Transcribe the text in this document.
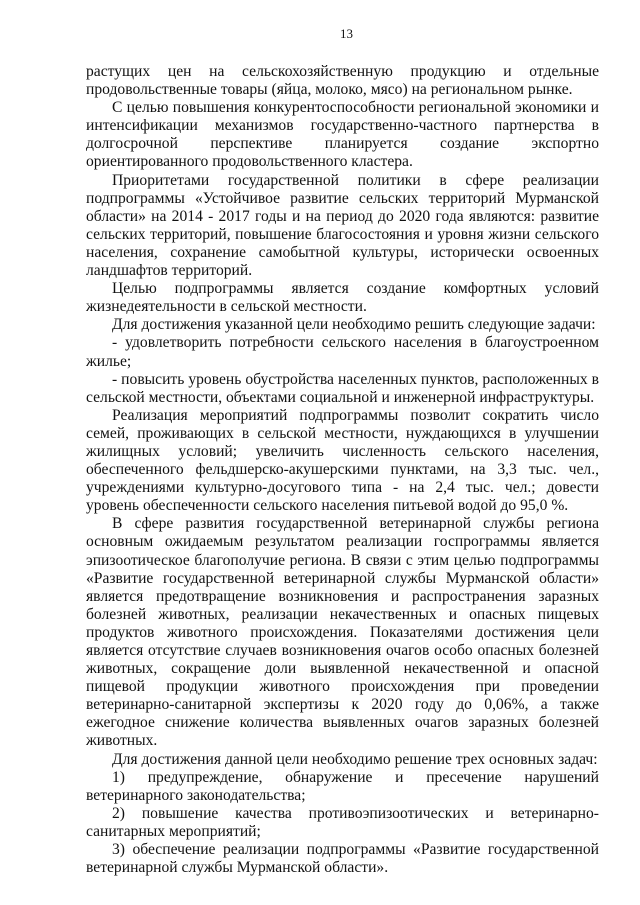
13

растущих цен на сельскохозяйственную продукцию и отдельные продовольственные товары (яйца, молоко, мясо) на региональном рынке.

С целью повышения конкурентоспособности региональной экономики и интенсификации механизмов государственно-частного партнерства в долгосрочной перспективе планируется создание экспортно ориентированного продовольственного кластера.

Приоритетами государственной политики в сфере реализации подпрограммы «Устойчивое развитие сельских территорий Мурманской области» на 2014 - 2017 годы и на период до 2020 года являются: развитие сельских территорий, повышение благосостояния и уровня жизни сельского населения, сохранение самобытной культуры, исторически освоенных ландшафтов территорий.

Целью подпрограммы является создание комфортных условий жизнедеятельности в сельской местности.

Для достижения указанной цели необходимо решить следующие задачи:

- удовлетворить потребности сельского населения в благоустроенном жилье;

- повысить уровень обустройства населенных пунктов, расположенных в сельской местности, объектами социальной и инженерной инфраструктуры.

Реализация мероприятий подпрограммы позволит сократить число семей, проживающих в сельской местности, нуждающихся в улучшении жилищных условий; увеличить численность сельского населения, обеспеченного фельдшерско-акушерскими пунктами, на 3,3 тыс. чел., учреждениями культурно-досугового типа - на 2,4 тыс. чел.; довести уровень обеспеченности сельского населения питьевой водой до 95,0 %.

В сфере развития государственной ветеринарной службы региона основным ожидаемым результатом реализации госпрограммы является эпизоотическое благополучие региона. В связи с этим целью подпрограммы «Развитие государственной ветеринарной службы Мурманской области» является предотвращение возникновения и распространения заразных болезней животных, реализации некачественных и опасных пищевых продуктов животного происхождения. Показателями достижения цели является отсутствие случаев возникновения очагов особо опасных болезней животных, сокращение доли выявленной некачественной и опасной пищевой продукции животного происхождения при проведении ветеринарно-санитарной экспертизы к 2020 году до 0,06%, а также ежегодное снижение количества выявленных очагов заразных болезней животных.

Для достижения данной цели необходимо решение трех основных задач:

1) предупреждение, обнаружение и пресечение нарушений ветеринарного законодательства;

2) повышение качества противоэпизоотических и ветеринарно-санитарных мероприятий;

3) обеспечение реализации подпрограммы «Развитие государственной ветеринарной службы Мурманской области».
